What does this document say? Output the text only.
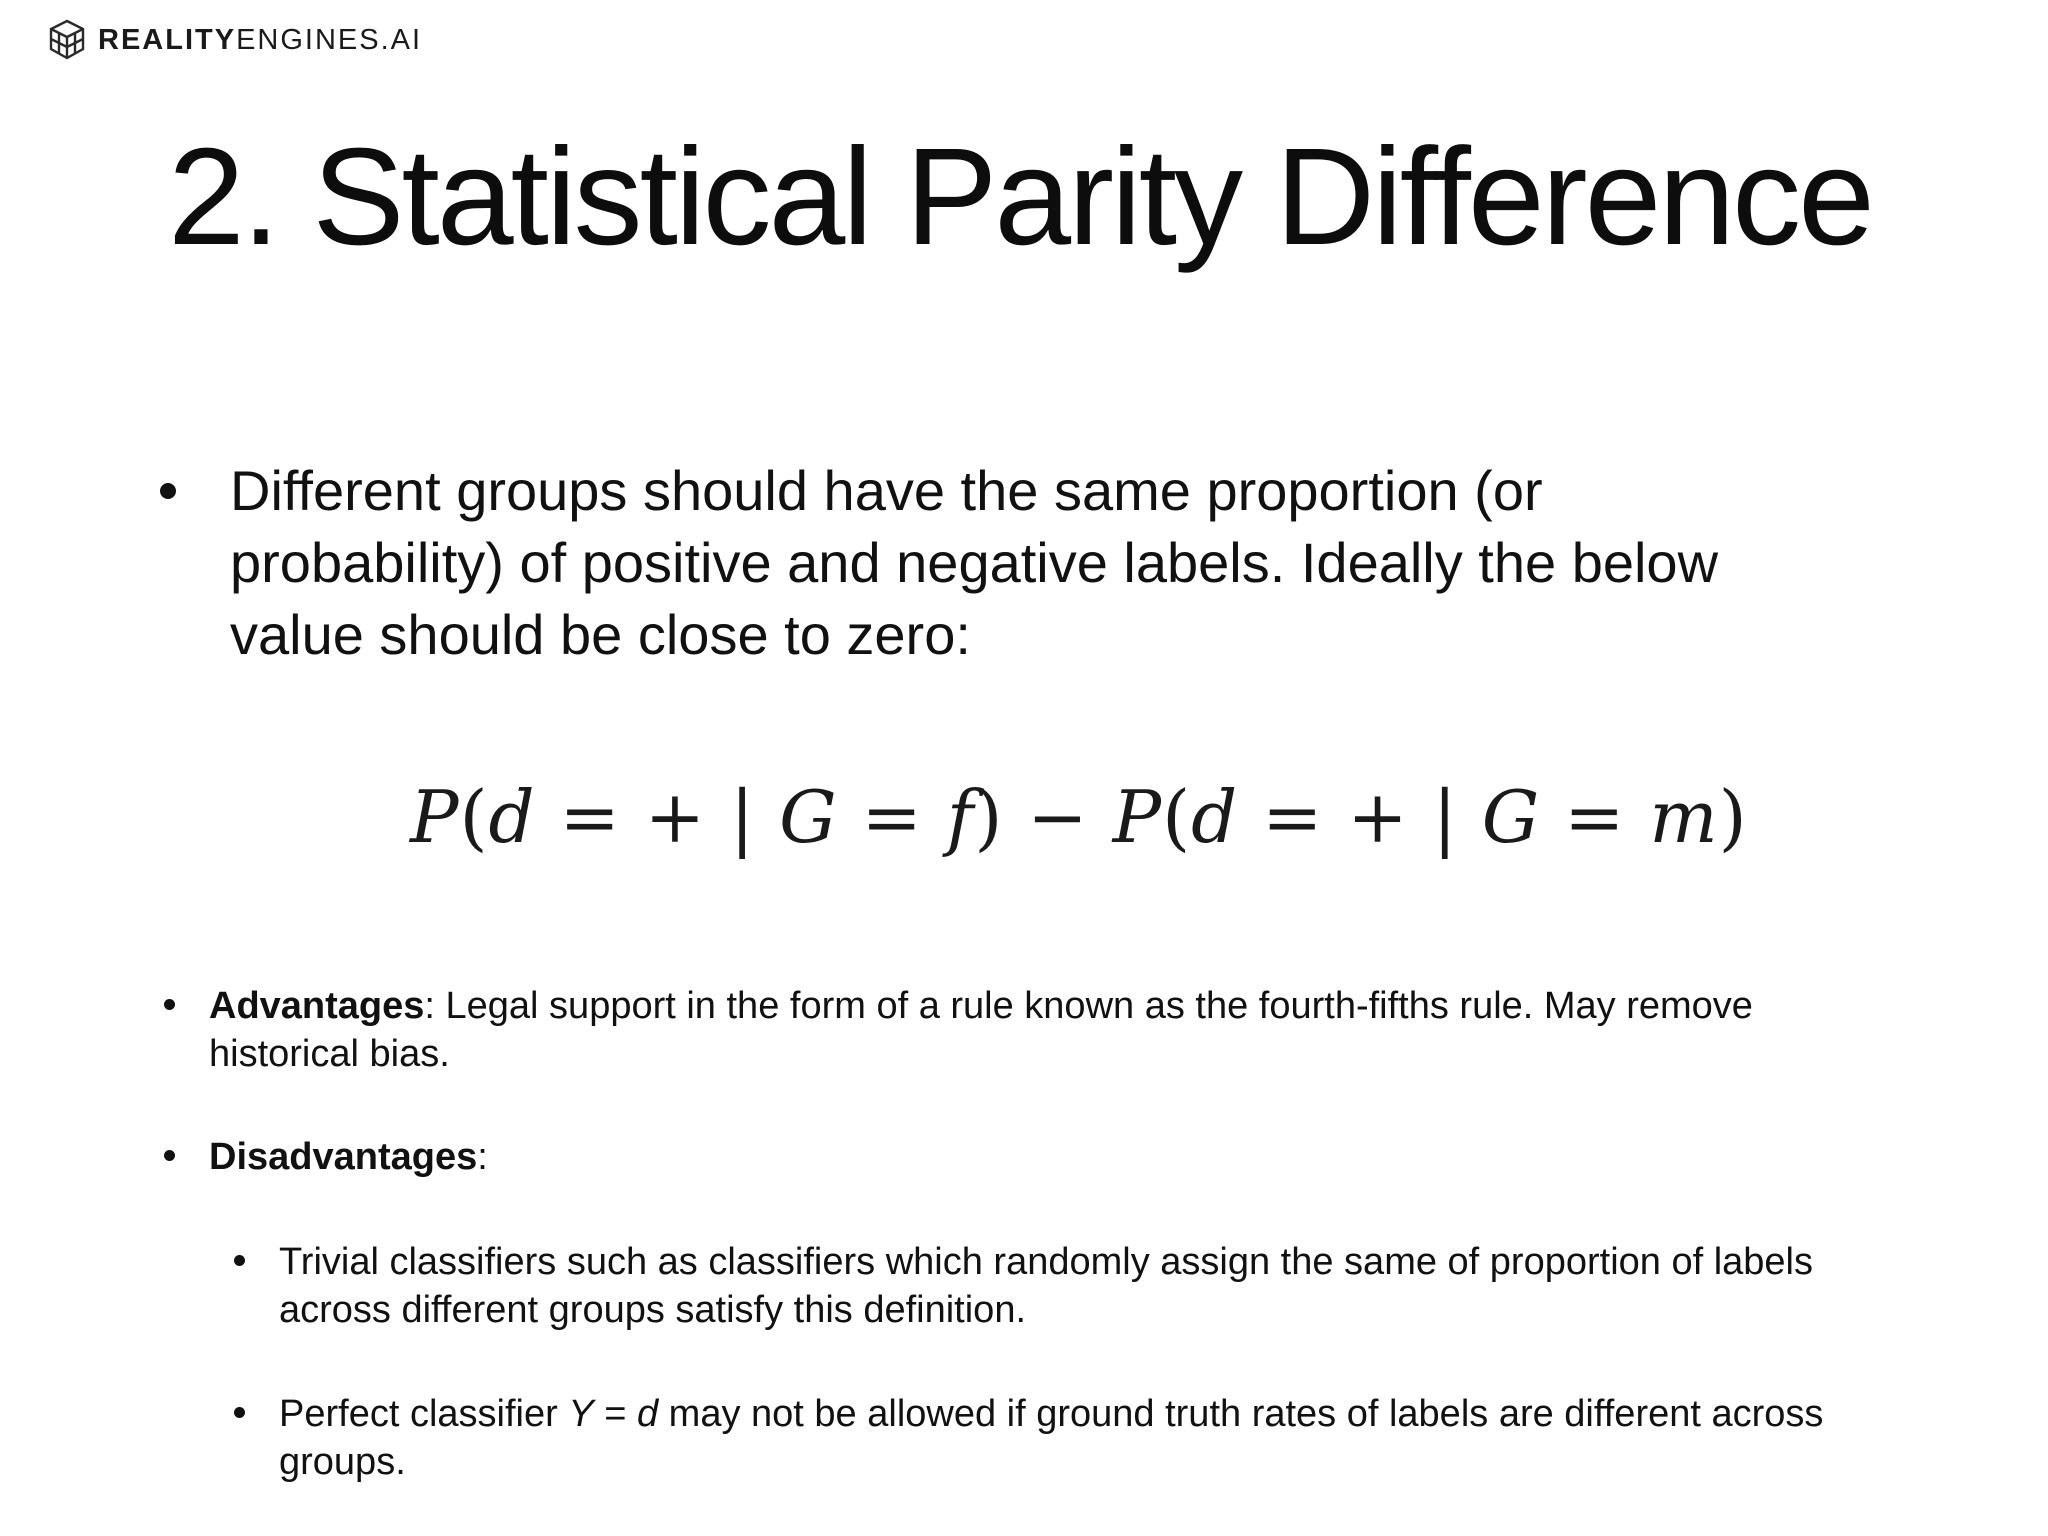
REALITYENGINES.AI
2. Statistical Parity Difference
Different groups should have the same proportion (or probability) of positive and negative labels. Ideally the below value should be close to zero:
P(d = + | G = f) − P(d = + | G = m)
Advantages: Legal support in the form of a rule known as the fourth-fifths rule. May remove historical bias.
Disadvantages:
Trivial classifiers such as classifiers which randomly assign the same of proportion of labels across different groups satisfy this definition.
Perfect classifier Y = d may not be allowed if ground truth rates of labels are different across groups.
